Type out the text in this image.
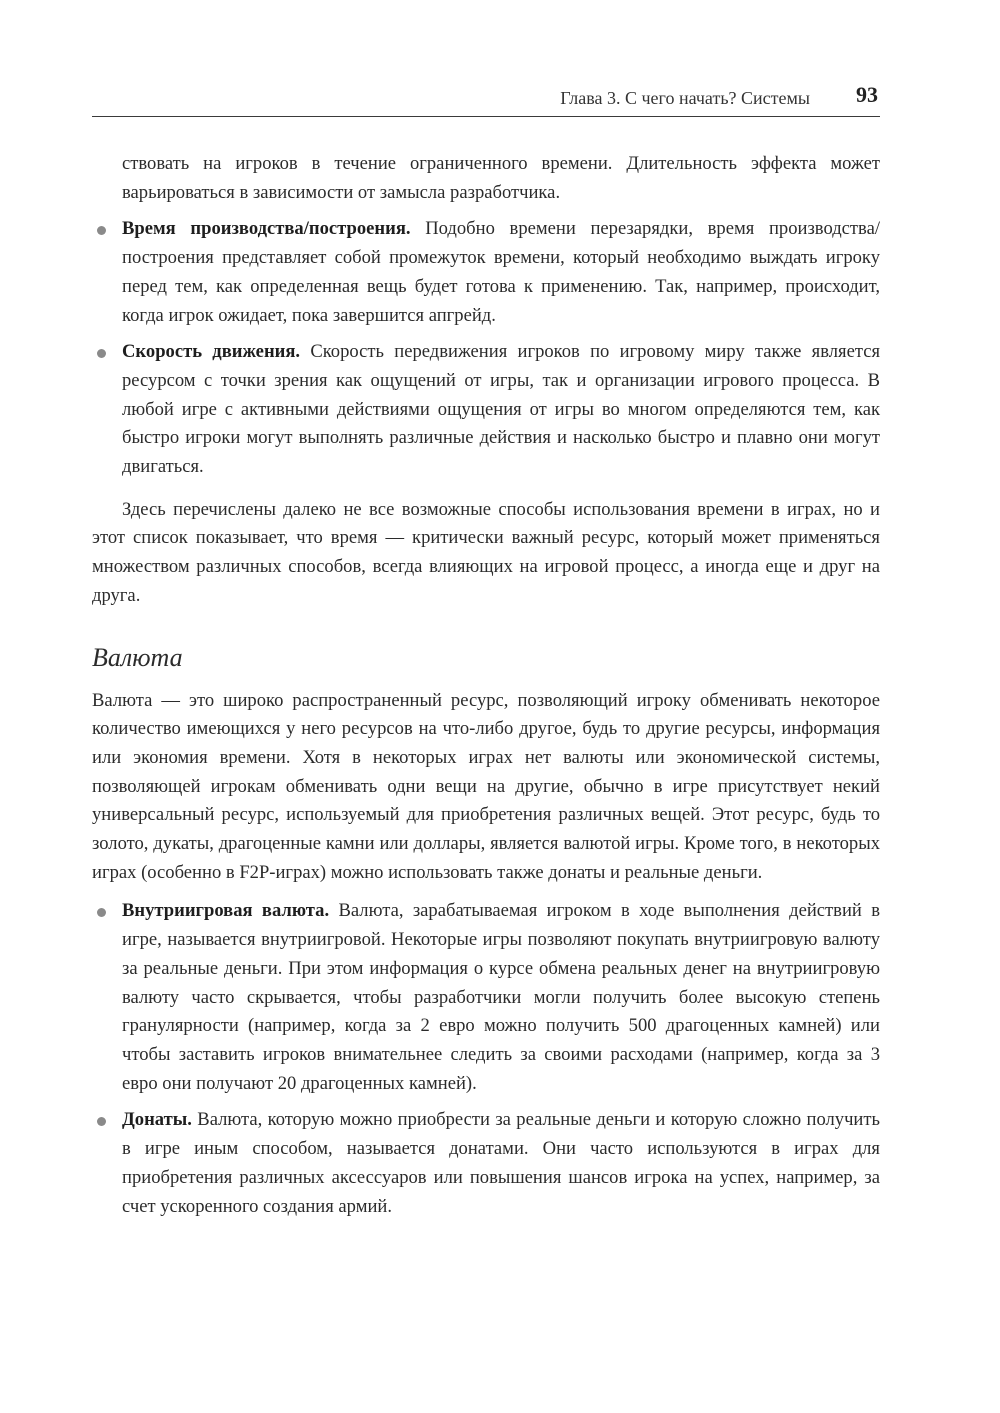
Глава 3. С чего начать? Системы 93

ствовать на игроков в течение ограниченного времени. Длительность эффекта может варьироваться в зависимости от замысла разработчика.

Время производства/построения. Подобно времени перезарядки, время производства/построения представляет собой промежуток времени, который необходимо выждать игроку перед тем, как определенная вещь будет готова к применению. Так, например, происходит, когда игрок ожидает, пока завершится апгрейд.

Скорость движения. Скорость передвижения игроков по игровому миру также является ресурсом с точки зрения как ощущений от игры, так и организации игрового процесса. В любой игре с активными действиями ощущения от игры во многом определяются тем, как быстро игроки могут выполнять различные действия и насколько быстро и плавно они могут двигаться.

Здесь перечислены далеко не все возможные способы использования времени в играх, но и этот список показывает, что время — критически важный ресурс, который может применяться множеством различных способов, всегда влияющих на игровой процесс, а иногда еще и друг на друга.

Валюта

Валюта — это широко распространенный ресурс, позволяющий игроку обменивать некоторое количество имеющихся у него ресурсов на что-либо другое, будь то другие ресурсы, информация или экономия времени. Хотя в некоторых играх нет валюты или экономической системы, позволяющей игрокам обменивать одни вещи на другие, обычно в игре присутствует некий универсальный ресурс, используемый для приобретения различных вещей. Этот ресурс, будь то золото, дукаты, драгоценные камни или доллары, является валютой игры. Кроме того, в некоторых играх (особенно в F2P-играх) можно использовать также донаты и реальные деньги.

Внутриигровая валюта. Валюта, зарабатываемая игроком в ходе выполнения действий в игре, называется внутриигровой. Некоторые игры позволяют покупать внутриигровую валюту за реальные деньги. При этом информация о курсе обмена реальных денег на внутриигровую валюту часто скрывается, чтобы разработчики могли получить более высокую степень гранулярности (например, когда за 2 евро можно получить 500 драгоценных камней) или чтобы заставить игроков внимательнее следить за своими расходами (например, когда за 3 евро они получают 20 драгоценных камней).

Донаты. Валюта, которую можно приобрести за реальные деньги и которую сложно получить в игре иным способом, называется донатами. Они часто используются в играх для приобретения различных аксессуаров или повышения шансов игрока на успех, например, за счет ускоренного создания армий.
